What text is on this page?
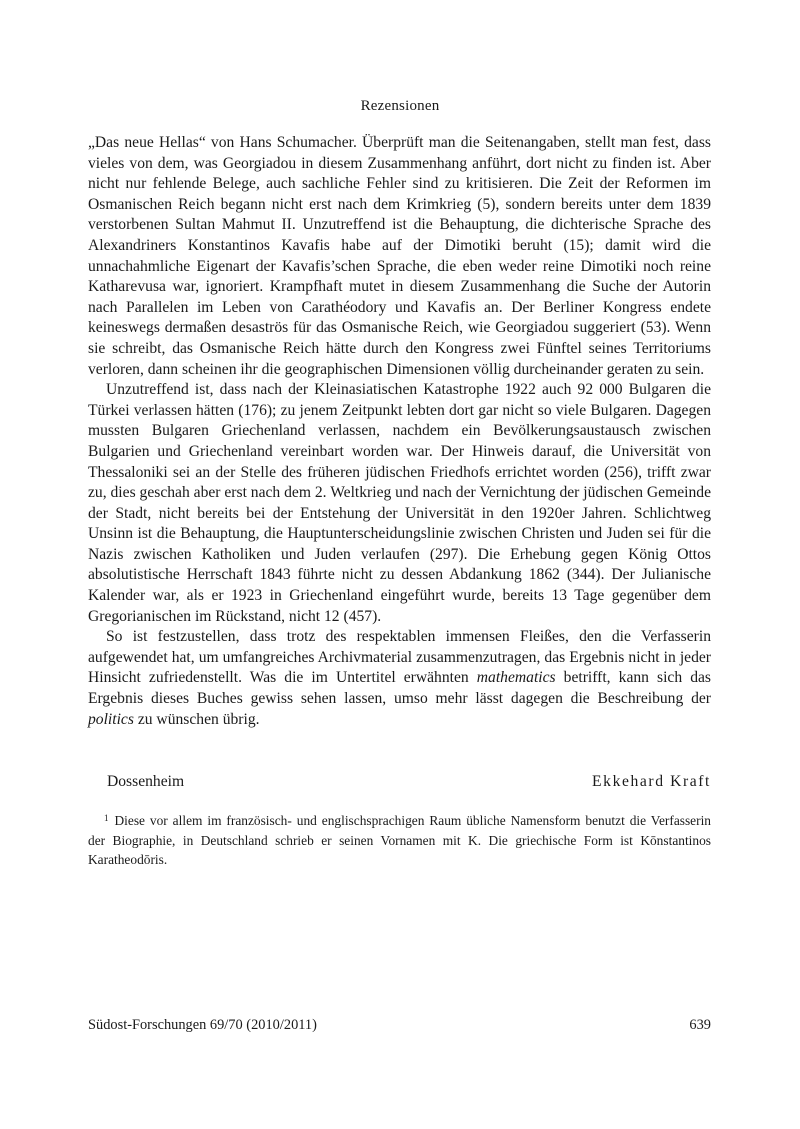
Rezensionen

„Das neue Hellas“ von Hans Schumacher. Überprüft man die Seitenangaben, stellt man fest, dass vieles von dem, was Georgiadou in diesem Zusammenhang anführt, dort nicht zu finden ist. Aber nicht nur fehlende Belege, auch sachliche Fehler sind zu kritisieren. Die Zeit der Reformen im Osmanischen Reich begann nicht erst nach dem Krimkrieg (5), sondern bereits unter dem 1839 verstorbenen Sultan Mahmut II. Unzutreffend ist die Behauptung, die dichterische Sprache des Alexandriners Konstantinos Kavafis habe auf der Dimotiki beruht (15); damit wird die unnachahmliche Eigenart der Kavafis’schen Sprache, die eben weder reine Dimotiki noch reine Katharevusa war, ignoriert. Krampfhaft mutet in diesem Zusammenhang die Suche der Autorin nach Parallelen im Leben von Carathéodory und Kavafis an. Der Berliner Kongress endete keineswegs dermaßen desaströs für das Osmanische Reich, wie Georgiadou suggeriert (53). Wenn sie schreibt, das Osmanische Reich hätte durch den Kongress zwei Fünftel seines Territoriums verloren, dann scheinen ihr die geographischen Dimensionen völlig durcheinander geraten zu sein.

Unzutreffend ist, dass nach der Kleinasiatischen Katastrophe 1922 auch 92 000 Bulgaren die Türkei verlassen hätten (176); zu jenem Zeitpunkt lebten dort gar nicht so viele Bulgaren. Dagegen mussten Bulgaren Griechenland verlassen, nachdem ein Bevölkerungsaustausch zwischen Bulgarien und Griechenland vereinbart worden war. Der Hinweis darauf, die Universität von Thessaloniki sei an der Stelle des früheren jüdischen Friedhofs errichtet worden (256), trifft zwar zu, dies geschah aber erst nach dem 2. Weltkrieg und nach der Vernichtung der jüdischen Gemeinde der Stadt, nicht bereits bei der Entstehung der Universität in den 1920er Jahren. Schlichtweg Unsinn ist die Behauptung, die Hauptunterscheidungslinie zwischen Christen und Juden sei für die Nazis zwischen Katholiken und Juden verlaufen (297). Die Erhebung gegen König Ottos absolutistische Herrschaft 1843 führte nicht zu dessen Abdankung 1862 (344). Der Julianische Kalender war, als er 1923 in Griechenland eingeführt wurde, bereits 13 Tage gegenüber dem Gregorianischen im Rückstand, nicht 12 (457).

So ist festzustellen, dass trotz des respektablen immensen Fleißes, den die Verfasserin aufgewendet hat, um umfangreiches Archivmaterial zusammenzutragen, das Ergebnis nicht in jeder Hinsicht zufriedenstellt. Was die im Untertitel erwähnten mathematics betrifft, kann sich das Ergebnis dieses Buches gewiss sehen lassen, umso mehr lässt dagegen die Beschreibung der politics zu wünschen übrig.

Dossenheim	Ekkehard Kraft
$^1$ Diese vor allem im französisch- und englischsprachigen Raum übliche Namensform benutzt die Verfasserin der Biographie, in Deutschland schrieb er seinen Vornamen mit K. Die griechische Form ist Kōnstantinos Karatheodōris.
Südost-Forschungen 69/70 (2010/2011)	639
